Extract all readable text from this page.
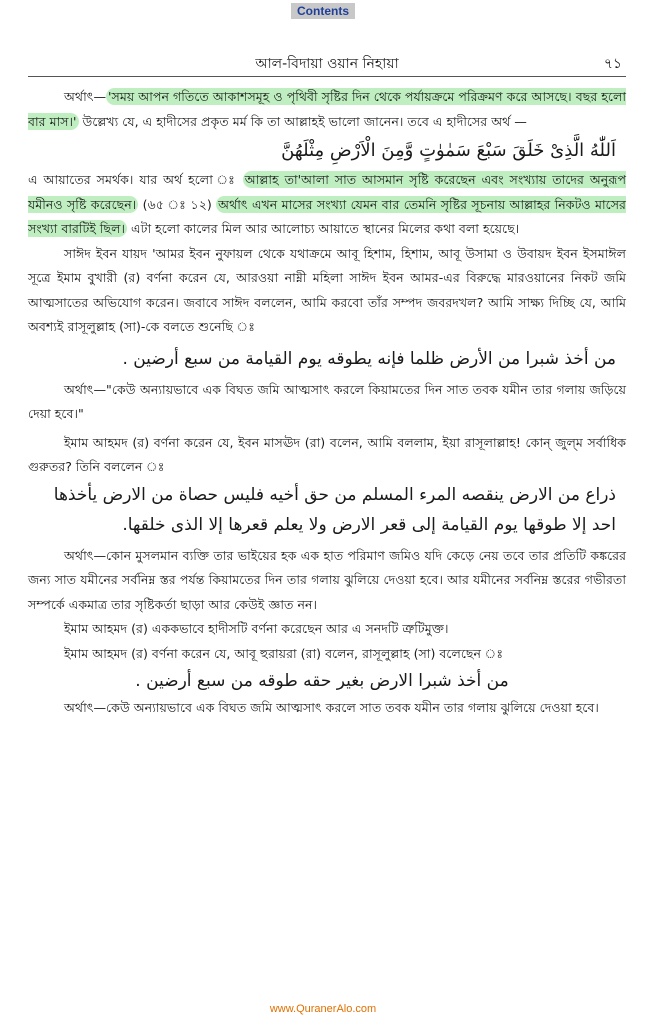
Contents
আল-বিদায়া ওয়ান নিহায়া	৭১

অর্থাৎ— 'সময় আপন গতিতে আকাশসমূহ ও পৃথিবী সৃষ্টির দিন থেকে পর্যায়ক্রমে পরিক্রমণ করে আসছে। বছর হলো বার মাস।' উল্লেখ্য যে, এ হাদীসের প্রকৃত মর্ম কি তা আল্লাহই ভালো জানেন। তবে এ হাদীসের অর্থ —

اَللّٰهُ الَّذِىْ خَلَقَ سَبْعَ سَمٰوٰتٍ وَّمِنَ الْاَرْضِ مِثْلَهُنَّ

এ আয়াতের সমর্থক। যার অর্থ হলো ঃ আল্লাহ তা'আলা সাত আসমান সৃষ্টি করেছেন এবং সংখ্যায় তাদের অনুরূপ যমীনও সৃষ্টি করেছেন। (৬৫ ঃ ১২) অর্থাৎ এখন মাসের সংখ্যা যেমন বার তেমনি সৃষ্টির সূচনায় আল্লাহর নিকটও মাসের সংখ্যা বারটিই ছিল। এটা হলো কালের মিল আর আলোচ্য আয়াতে স্থানের মিলের কথা বলা হয়েছে।

সাঈদ ইবন যায়দ 'আমর ইবন নুফায়ল থেকে যথাক্রমে আবূ হিশাম, হিশাম, আবূ উসামা ও উবায়দ ইবন ইসমাঈল সূত্রে ইমাম বুখারী (র) বর্ণনা করেন যে, আরওয়া নাম্নী মহিলা সাঈদ ইবন আমর-এর বিরুদ্ধে মারওয়ানের নিকট জমি আত্মসাতের অভিযোগ করেন। জবাবে সাঈদ বললেন, আমি করবো তাঁর সম্পদ জবরদখল? আমি সাক্ষ্য দিচ্ছি যে, আমি অবশ্যই রাসূলুল্লাহ (সা)-কে বলতে শুনেছি ঃ

من أخذ شبرا من الأرض ظلما فإنه يطوقه يوم القيامة من سبع أرضين .

অর্থাৎ—"কেউ অন্যায়ভাবে এক বিঘত জমি আত্মসাৎ করলে কিয়ামতের দিন সাত তবক যমীন তার গলায় জড়িয়ে দেয়া হবে।"

ইমাম আহমদ (র) বর্ণনা করেন যে, ইবন মাসঊদ (রা) বলেন, আমি বললাম, ইয়া রাসূলাল্লাহ! কোন্ জুল্‌ম সর্বাধিক গুরুতর? তিনি বললেন ঃ

ذراع من الارض ينقصه المرء المسلم من حق أخيه فليس حصاة من الارض يأخذها احد إلا طوقها يوم القيامة إلى قعر الارض ولا يعلم قعرها إلا الذى خلقها.

অর্থাৎ—কোন মুসলমান ব্যক্তি তার ভাইয়ের হক এক হাত পরিমাণ জমিও যদি কেড়ে নেয় তবে তার প্রতিটি কঙ্করের জন্য সাত যমীনের সর্বনিম্ন স্তর পর্যন্ত কিয়ামতের দিন তার গলায় ঝুলিয়ে দেওয়া হবে। আর যমীনের সর্বনিম্ন স্তরের গভীরতা সম্পর্কে একমাত্র তার সৃষ্টিকর্তা ছাড়া আর কেউই জ্ঞাত নন।

ইমাম আহমদ (র) এককভাবে হাদীসটি বর্ণনা করেছেন আর এ সনদটি ত্রুটিমুক্ত।

ইমাম আহমদ (র) বর্ণনা করেন যে, আবূ হুরায়রা (রা) বলেন, রাসূলুল্লাহ (সা) বলেছেন ঃ

من أخذ شبرا الارض بغير حقه طوقه من سبع أرضين .

অর্থাৎ—কেউ অন্যায়ভাবে এক বিঘত জমি আত্মসাৎ করলে সাত তবক যমীন তার গলায় ঝুলিয়ে দেওয়া হবে।

www.QuranerAlo.com
